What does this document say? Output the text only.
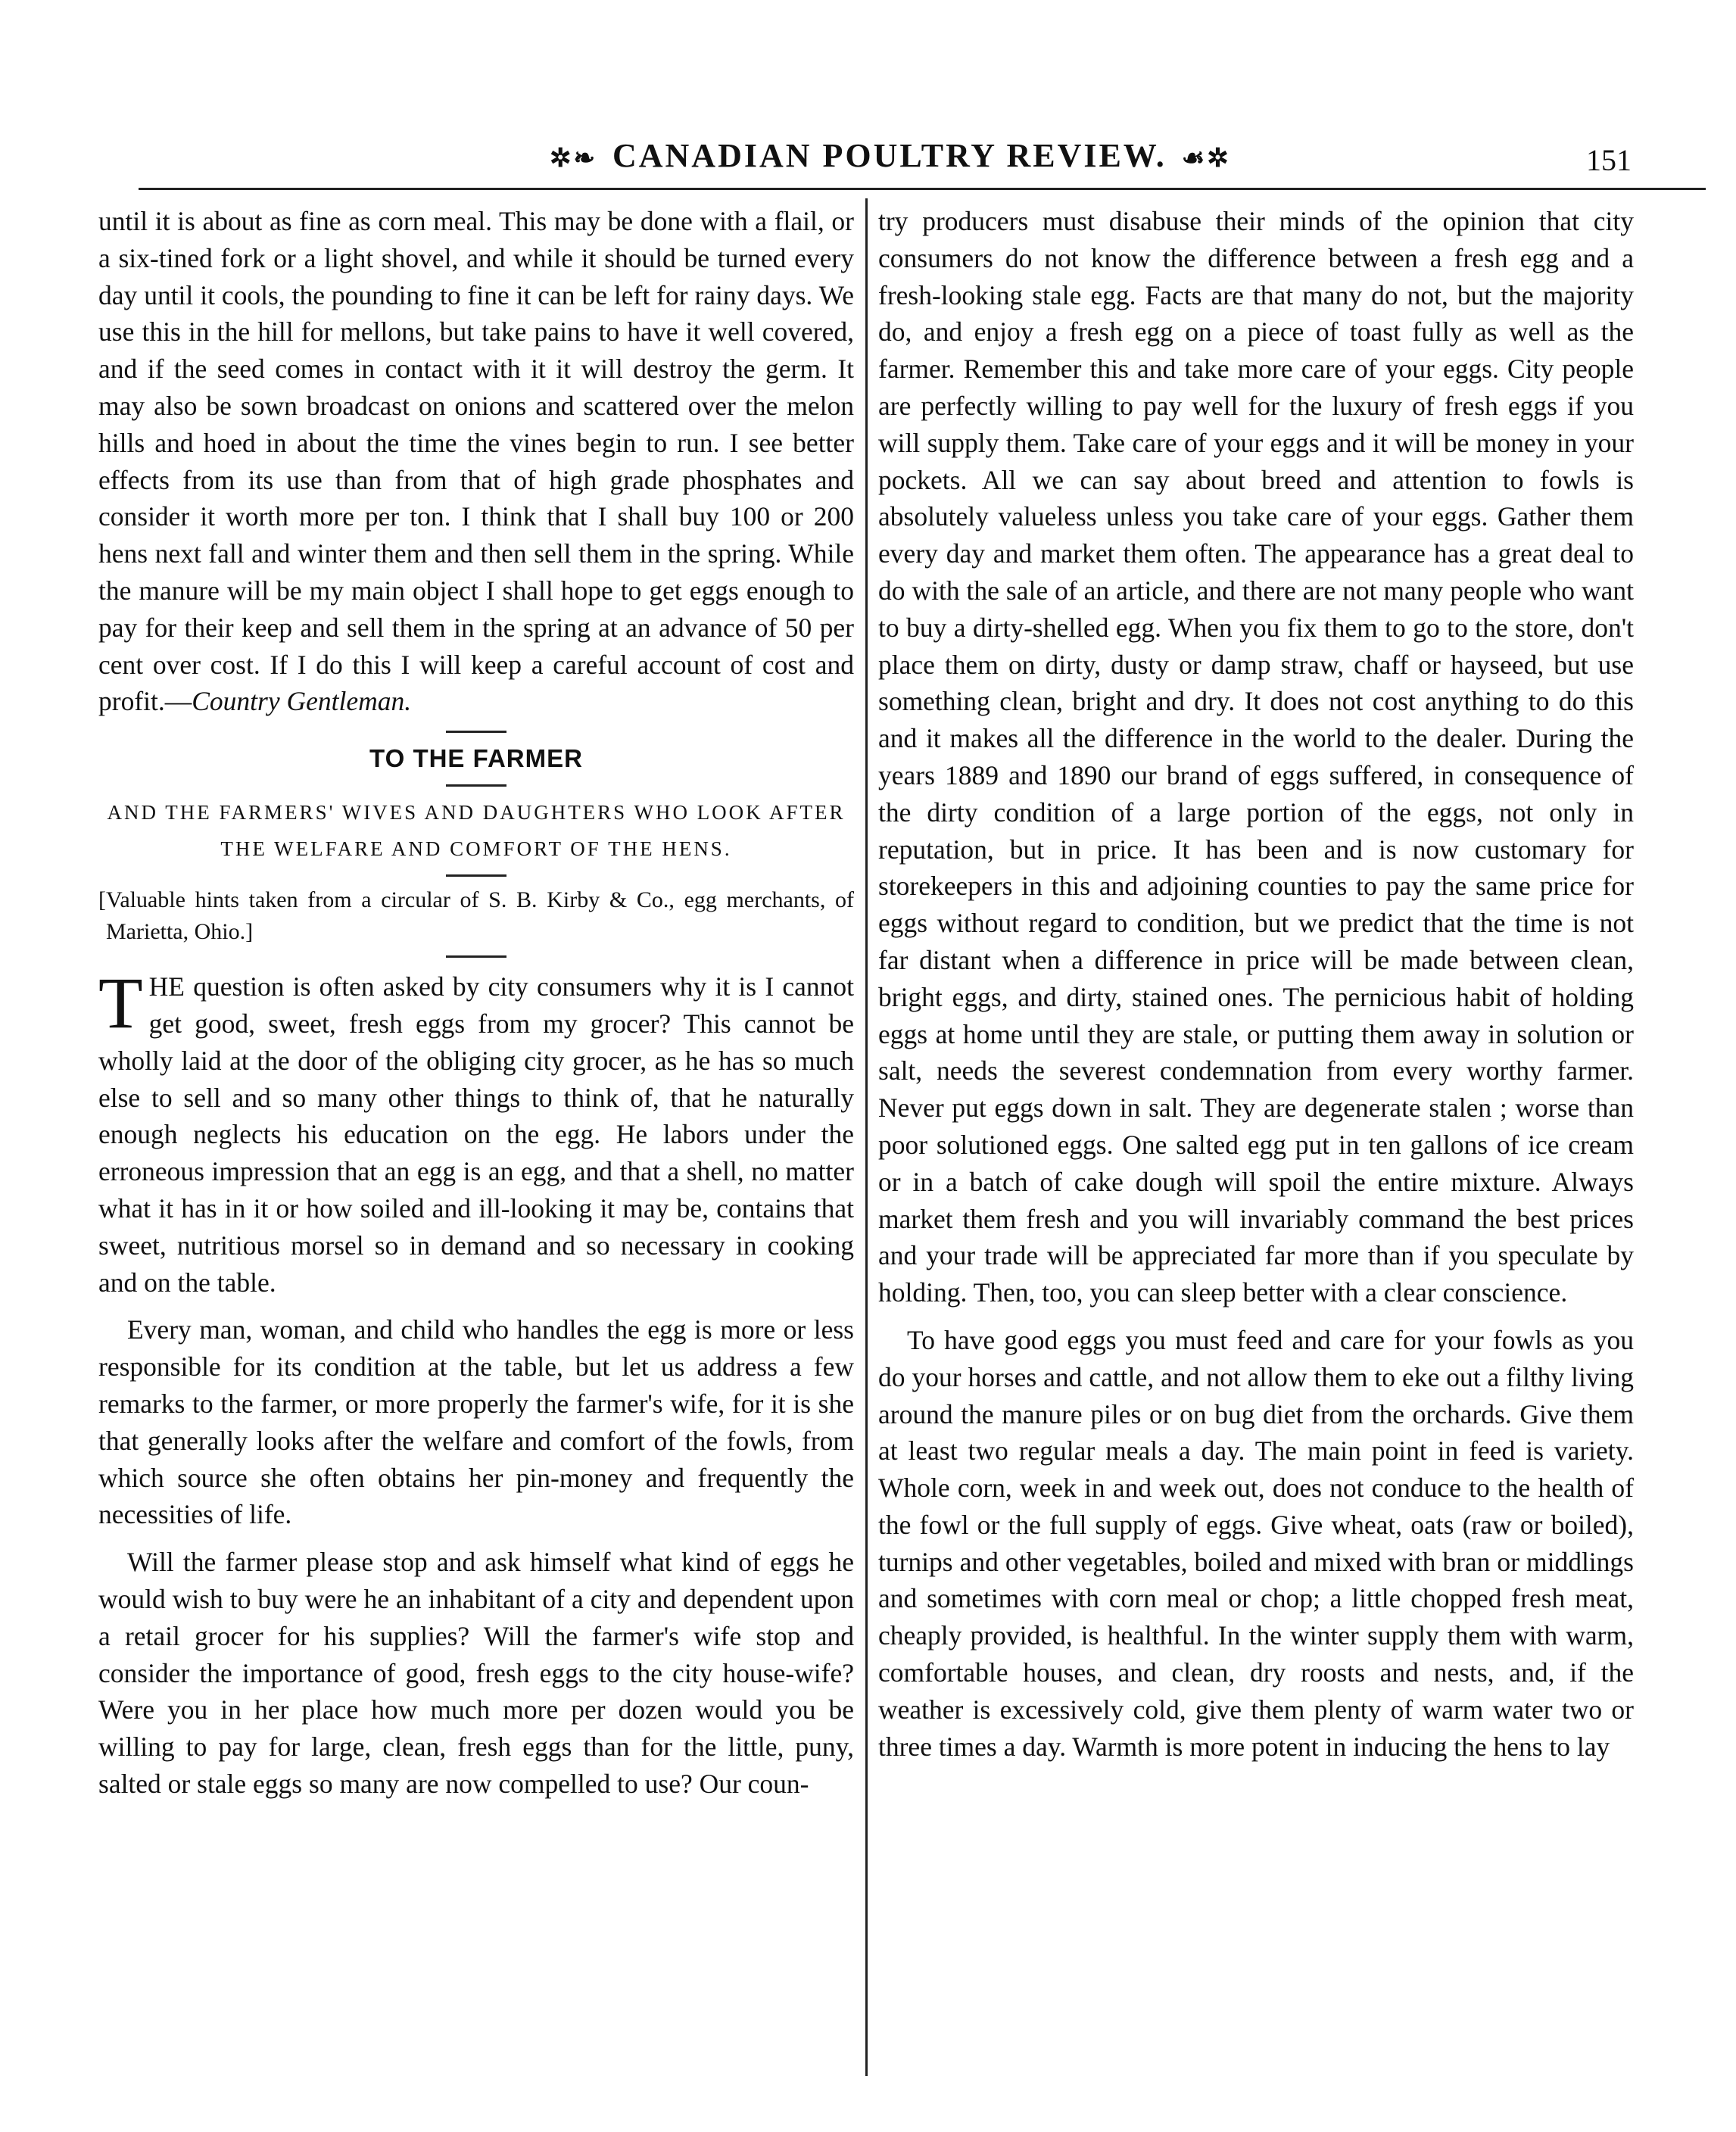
✲❧ CANADIAN POULTRY REVIEW. ☙✲	151

until it is about as fine as corn meal. This may be done with a flail, or a six-tined fork or a light shovel, and while it should be turned every day until it cools, the pounding to fine it can be left for rainy days. We use this in the hill for mellons, but take pains to have it well covered, and if the seed comes in contact with it it will destroy the germ. It may also be sown broadcast on onions and scattered over the melon hills and hoed in about the time the vines begin to run. I see better effects from its use than from that of high grade phosphates and consider it worth more per ton. I think that I shall buy 100 or 200 hens next fall and winter them and then sell them in the spring. While the manure will be my main object I shall hope to get eggs enough to pay for their keep and sell them in the spring at an advance of 50 per cent over cost. If I do this I will keep a careful account of cost and profit.—Country Gentleman.

TO THE FARMER

AND THE FARMERS' WIVES AND DAUGHTERS WHO LOOK AFTER THE WELFARE AND COMFORT OF THE HENS.

[Valuable hints taken from a circular of S. B. Kirby & Co., egg merchants, of Marietta, Ohio.]

THE question is often asked by city consumers why it is I cannot get good, sweet, fresh eggs from my grocer? This cannot be wholly laid at the door of the obliging city grocer, as he has so much else to sell and so many other things to think of, that he naturally enough neglects his education on the egg. He labors under the erroneous impression that an egg is an egg, and that a shell, no matter what it has in it or how soiled and ill-looking it may be, contains that sweet, nutritious morsel so in demand and so necessary in cooking and on the table.

Every man, woman, and child who handles the egg is more or less responsible for its condition at the table, but let us address a few remarks to the farmer, or more properly the farmer's wife, for it is she that generally looks after the welfare and comfort of the fowls, from which source she often obtains her pin-money and frequently the necessities of life.

Will the farmer please stop and ask himself what kind of eggs he would wish to buy were he an inhabitant of a city and dependent upon a retail grocer for his supplies? Will the farmer's wife stop and consider the importance of good, fresh eggs to the city house-wife? Were you in her place how much more per dozen would you be willing to pay for large, clean, fresh eggs than for the little, puny, salted or stale eggs so many are now compelled to use? Our coun-

try producers must disabuse their minds of the opinion that city consumers do not know the difference between a fresh egg and a fresh-looking stale egg. Facts are that many do not, but the majority do, and enjoy a fresh egg on a piece of toast fully as well as the farmer. Remember this and take more care of your eggs. City people are perfectly willing to pay well for the luxury of fresh eggs if you will supply them. Take care of your eggs and it will be money in your pockets. All we can say about breed and attention to fowls is absolutely valueless unless you take care of your eggs. Gather them every day and market them often. The appearance has a great deal to do with the sale of an article, and there are not many people who want to buy a dirty-shelled egg. When you fix them to go to the store, don't place them on dirty, dusty or damp straw, chaff or hayseed, but use something clean, bright and dry. It does not cost anything to do this and it makes all the difference in the world to the dealer. During the years 1889 and 1890 our brand of eggs suffered, in consequence of the dirty condition of a large portion of the eggs, not only in reputation, but in price. It has been and is now customary for storekeepers in this and adjoining counties to pay the same price for eggs without regard to condition, but we predict that the time is not far distant when a difference in price will be made between clean, bright eggs, and dirty, stained ones. The pernicious habit of holding eggs at home until they are stale, or putting them away in solution or salt, needs the severest condemnation from every worthy farmer. Never put eggs down in salt. They are degenerate stalen ; worse than poor solutioned eggs. One salted egg put in ten gallons of ice cream or in a batch of cake dough will spoil the entire mixture. Always market them fresh and you will invariably command the best prices and your trade will be appreciated far more than if you speculate by holding. Then, too, you can sleep better with a clear conscience.

To have good eggs you must feed and care for your fowls as you do your horses and cattle, and not allow them to eke out a filthy living around the manure piles or on bug diet from the orchards. Give them at least two regular meals a day. The main point in feed is variety. Whole corn, week in and week out, does not conduce to the health of the fowl or the full supply of eggs. Give wheat, oats (raw or boiled), turnips and other vegetables, boiled and mixed with bran or middlings and sometimes with corn meal or chop; a little chopped fresh meat, cheaply provided, is healthful. In the winter supply them with warm, comfortable houses, and clean, dry roosts and nests, and, if the weather is excessively cold, give them plenty of warm water two or three times a day. Warmth is more potent in inducing the hens to lay
